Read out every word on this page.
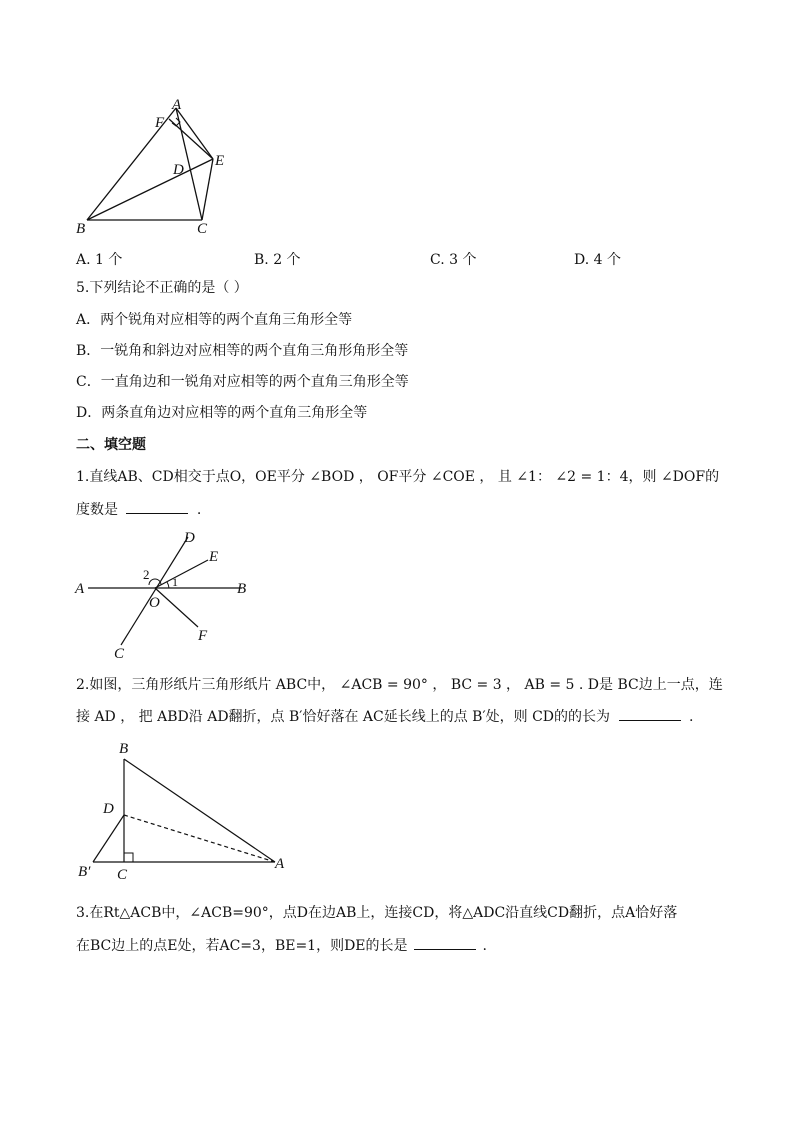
A
F
D
E
B	C
A. 1 个	B. 2 个	C. 3 个	D. 4 个
5.下列结论不正确的是（ ）
A．两个锐角对应相等的两个直角三角形全等
B．一锐角和斜边对应相等的两个直角三角形角形全等
C．一直角边和一锐角对应相等的两个直角三角形全等
D．两条直角边对应相等的两个直角三角形全等
二、填空题
1.直线AB、CD相交于点O，OE平分 ∠BOD ， OF平分 ∠COE ， 且 ∠1： ∠2 = 1：4，则 ∠DOF的
度数是	.
D
E
2 1
A
O
B
C
F
2.如图，三角形纸片三角形纸片 ABC中， ∠ACB = 90° ， BC = 3 ， AB = 5 . D是 BC边上一点，连
接 AD ， 把 ABD沿 AD翻折，点 B′恰好落在 AC延长线上的点 B′处，则 CD的的长为	.
B
D
B′ C
A
3.在Rt△ACB中，∠ACB=90°，点D在边AB上，连接CD，将△ADC沿直线CD翻折，点A恰好落
在BC边上的点E处，若AC=3，BE=1，则DE的长是	.
